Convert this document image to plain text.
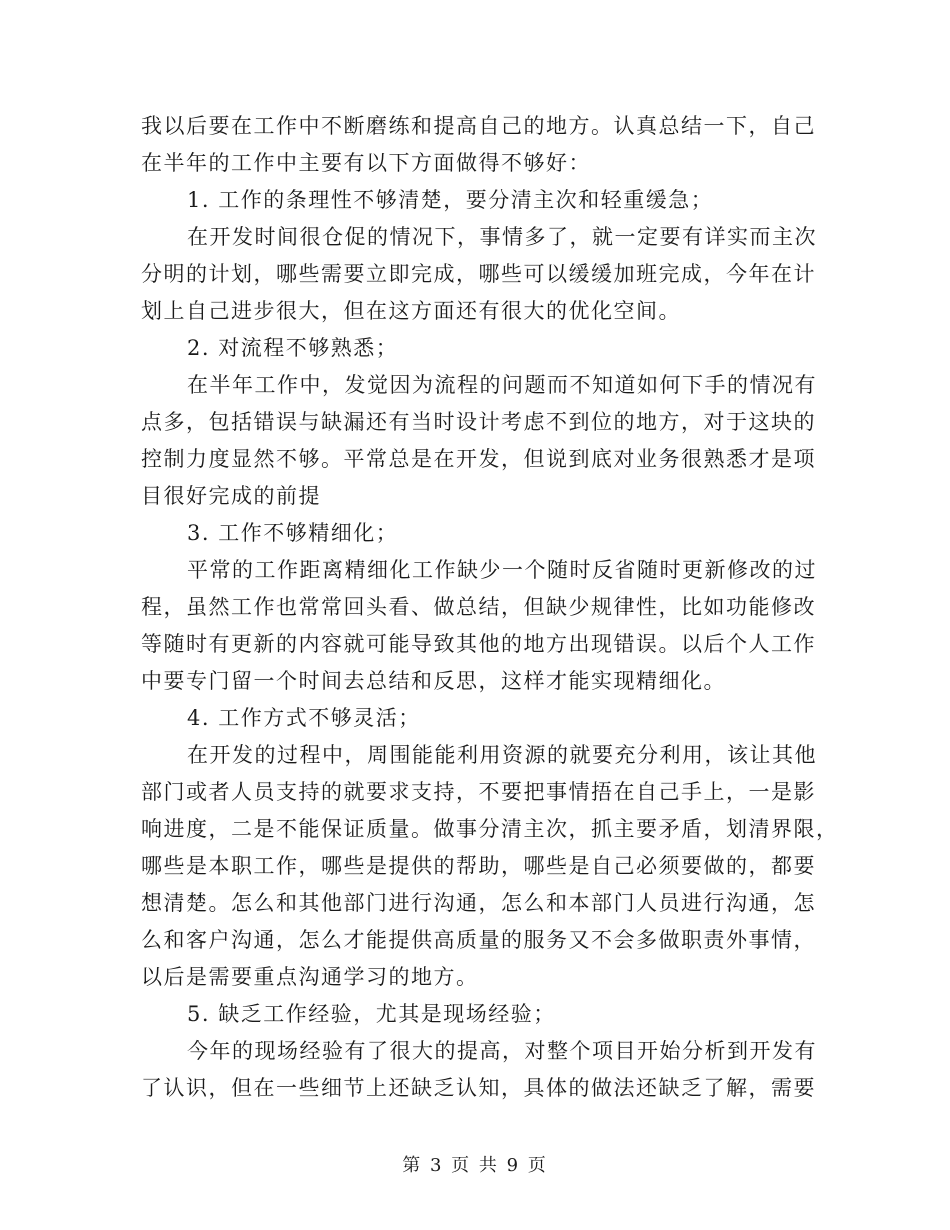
我以后要在工作中不断磨练和提高自己的地方。认真总结一下，自己
在半年的工作中主要有以下方面做得不够好：
1. 工作的条理性不够清楚，要分清主次和轻重缓急；
在开发时间很仓促的情况下，事情多了，就一定要有详实而主次
分明的计划，哪些需要立即完成，哪些可以缓缓加班完成，今年在计
划上自己进步很大，但在这方面还有很大的优化空间。
2. 对流程不够熟悉；
在半年工作中，发觉因为流程的问题而不知道如何下手的情况有
点多，包括错误与缺漏还有当时设计考虑不到位的地方，对于这块的
控制力度显然不够。平常总是在开发，但说到底对业务很熟悉才是项
目很好完成的前提
3. 工作不够精细化；
平常的工作距离精细化工作缺少一个随时反省随时更新修改的过
程，虽然工作也常常回头看、做总结，但缺少规律性，比如功能修改
等随时有更新的内容就可能导致其他的地方出现错误。以后个人工作
中要专门留一个时间去总结和反思，这样才能实现精细化。
4. 工作方式不够灵活；
在开发的过程中，周围能能利用资源的就要充分利用，该让其他
部门或者人员支持的就要求支持，不要把事情捂在自己手上，一是影
响进度，二是不能保证质量。做事分清主次，抓主要矛盾，划清界限，
哪些是本职工作，哪些是提供的帮助，哪些是自己必须要做的，都要
想清楚。怎么和其他部门进行沟通，怎么和本部门人员进行沟通，怎
么和客户沟通，怎么才能提供高质量的服务又不会多做职责外事情，
以后是需要重点沟通学习的地方。
5. 缺乏工作经验，尤其是现场经验；
今年的现场经验有了很大的提高，对整个项目开始分析到开发有
了认识，但在一些细节上还缺乏认知，具体的做法还缺乏了解，需要
第 3 页 共 9 页
